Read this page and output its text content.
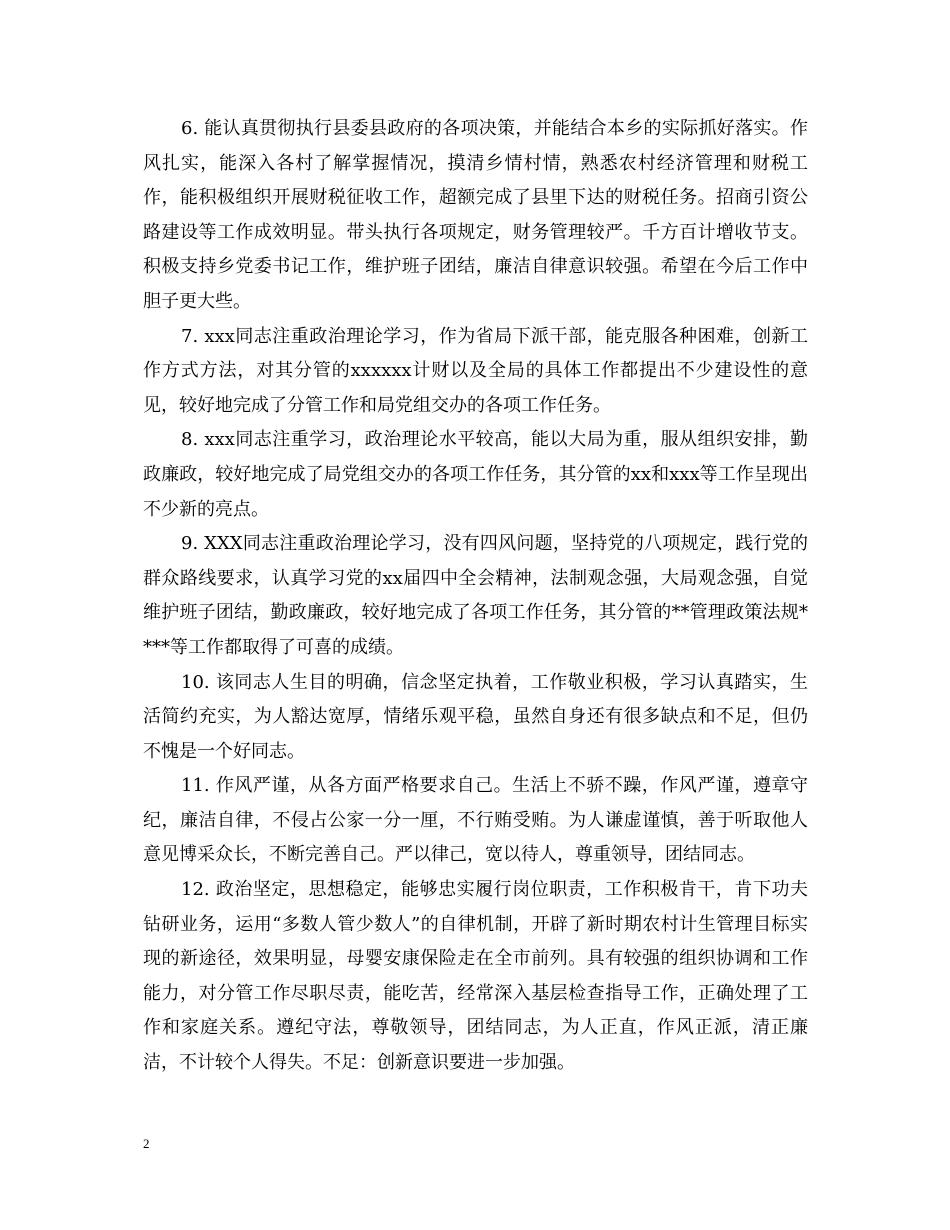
6. 能认真贯彻执行县委县政府的各项决策，并能结合本乡的实际抓好落实。作风扎实，能深入各村了解掌握情况，摸清乡情村情，熟悉农村经济管理和财税工作，能积极组织开展财税征收工作，超额完成了县里下达的财税任务。招商引资公路建设等工作成效明显。带头执行各项规定，财务管理较严。千方百计增收节支。积极支持乡党委书记工作，维护班子团结，廉洁自律意识较强。希望在今后工作中胆子更大些。

7. xxx同志注重政治理论学习，作为省局下派干部，能克服各种困难，创新工作方式方法，对其分管的xxxxxx计财以及全局的具体工作都提出不少建设性的意见，较好地完成了分管工作和局党组交办的各项工作任务。

8. xxx同志注重学习，政治理论水平较高，能以大局为重，服从组织安排，勤政廉政，较好地完成了局党组交办的各项工作任务，其分管的xx和xxx等工作呈现出不少新的亮点。

9. XXX同志注重政治理论学习，没有四风问题，坚持党的八项规定，践行党的群众路线要求，认真学习党的xx届四中全会精神，法制观念强，大局观念强，自觉维护班子团结，勤政廉政，较好地完成了各项工作任务，其分管的**管理政策法规****等工作都取得了可喜的成绩。

10. 该同志人生目的明确，信念坚定执着，工作敬业积极，学习认真踏实，生活简约充实，为人豁达宽厚，情绪乐观平稳，虽然自身还有很多缺点和不足，但仍不愧是一个好同志。

11. 作风严谨，从各方面严格要求自己。生活上不骄不躁，作风严谨，遵章守纪，廉洁自律，不侵占公家一分一厘，不行贿受贿。为人谦虚谨慎，善于听取他人意见博采众长，不断完善自己。严以律己，宽以待人，尊重领导，团结同志。

12. 政治坚定，思想稳定，能够忠实履行岗位职责，工作积极肯干，肯下功夫钻研业务，运用“多数人管少数人”的自律机制，开辟了新时期农村计生管理目标实现的新途径，效果明显，母婴安康保险走在全市前列。具有较强的组织协调和工作能力，对分管工作尽职尽责，能吃苦，经常深入基层检查指导工作，正确处理了工作和家庭关系。遵纪守法，尊敬领导，团结同志，为人正直，作风正派，清正廉洁，不计较个人得失。不足：创新意识要进一步加强。

2
